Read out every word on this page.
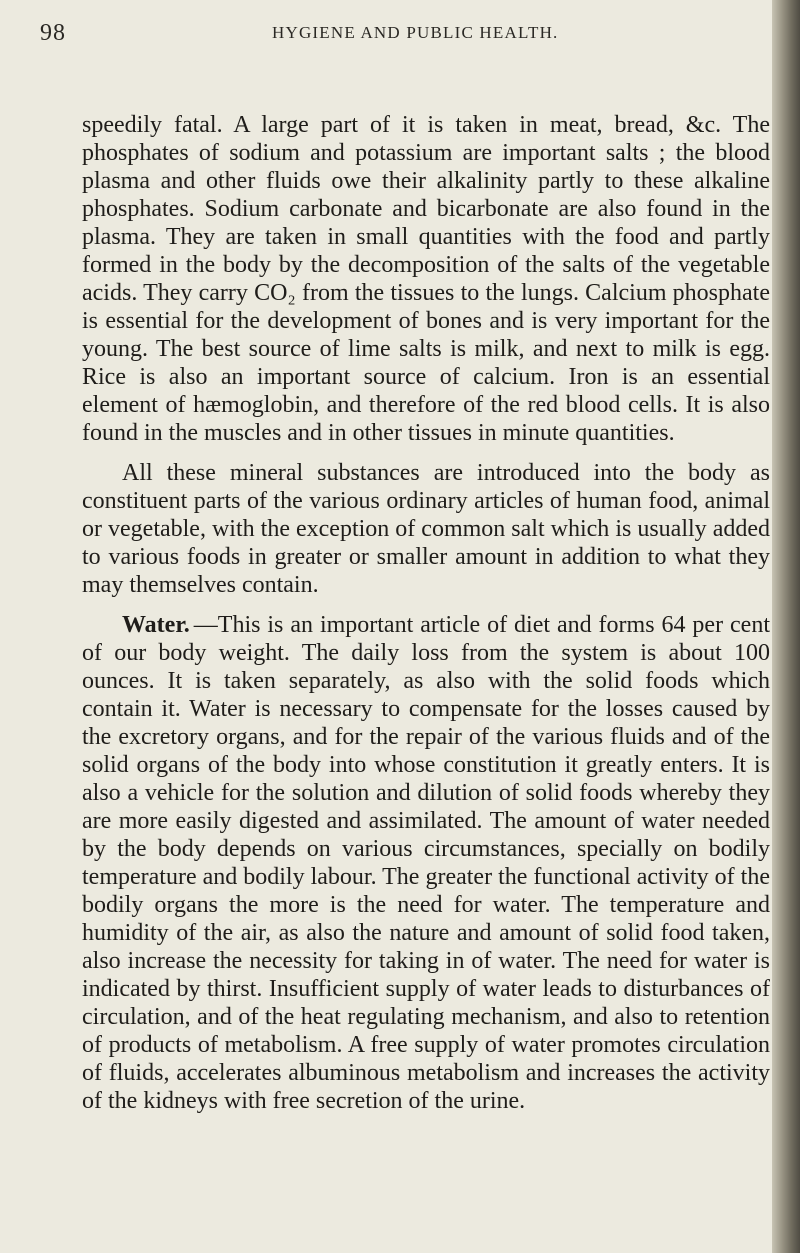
98	HYGIENE AND PUBLIC HEALTH.

speedily fatal. A large part of it is taken in meat, bread, &c. The phosphates of sodium and potassium are important salts ; the blood plasma and other fluids owe their alkalinity partly to these alkaline phosphates. Sodium carbonate and bicarbonate are also found in the plasma. They are taken in small quantities with the food and partly formed in the body by the decomposition of the salts of the vegetable acids. They carry CO₂ from the tissues to the lungs. Calcium phosphate is essential for the development of bones and is very important for the young. The best source of lime salts is milk, and next to milk is egg. Rice is also an important source of calcium. Iron is an essential element of hæmoglobin, and therefore of the red blood cells. It is also found in the muscles and in other tissues in minute quantities.

All these mineral substances are introduced into the body as constituent parts of the various ordinary articles of human food, animal or vegetable, with the exception of common salt which is usually added to various foods in greater or smaller amount in addition to what they may themselves contain.

Water. —This is an important article of diet and forms 64 per cent of our body weight. The daily loss from the system is about 100 ounces. It is taken separately, as also with the solid foods which contain it. Water is necessary to compensate for the losses caused by the excretory organs, and for the repair of the various fluids and of the solid organs of the body into whose constitution it greatly enters. It is also a vehicle for the solution and dilution of solid foods whereby they are more easily digested and assimilated. The amount of water needed by the body depends on various circumstances, specially on bodily temperature and bodily labour. The greater the functional activity of the bodily organs the more is the need for water. The temperature and humidity of the air, as also the nature and amount of solid food taken, also increase the necessity for taking in of water. The need for water is indicated by thirst. Insufficient supply of water leads to disturbances of circulation, and of the heat regulating mechanism, and also to retention of products of metabolism. A free supply of water promotes circulation of fluids, accelerates albuminous metabolism and increases the activity of the kidneys with free secretion of the urine.
